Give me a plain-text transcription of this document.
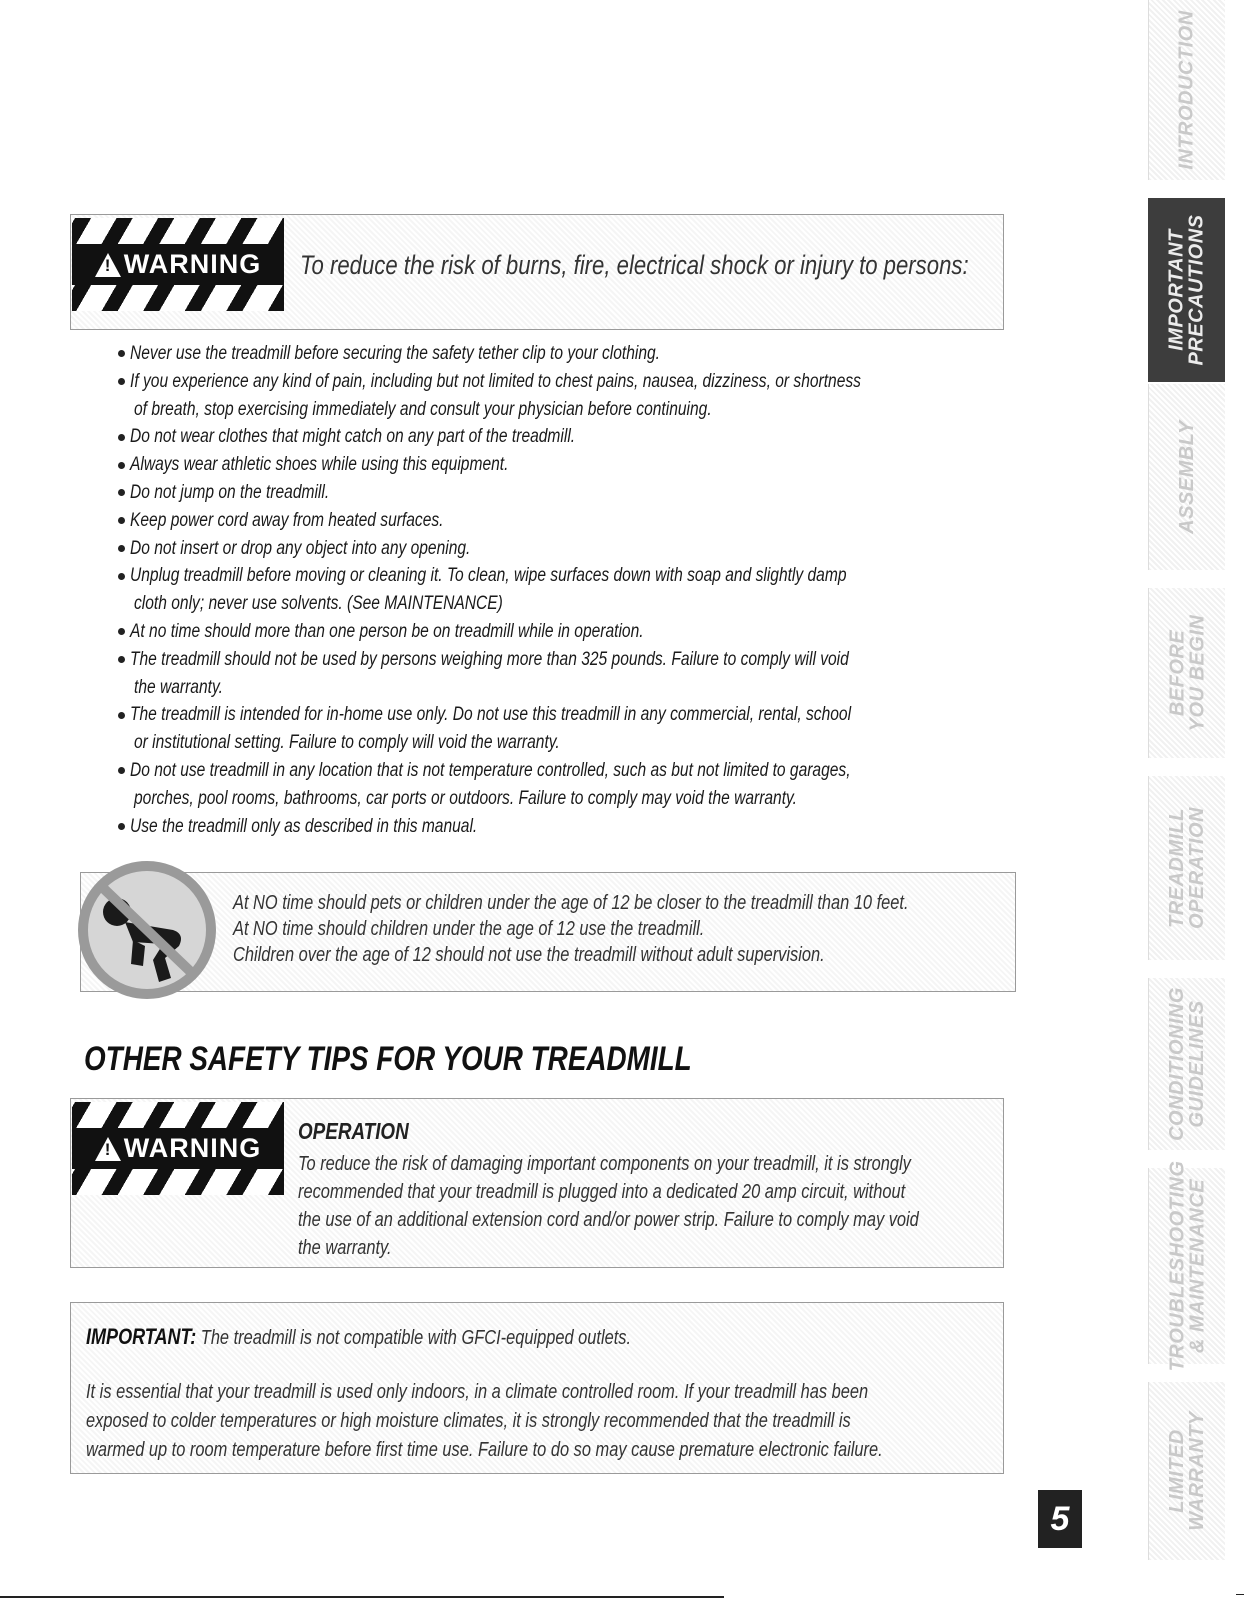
INTRODUCTION
IMPORTANT
PRECAUTIONS
ASSEMBLY
BEFORE
YOU BEGIN
TREADMILL
OPERATION
CONDITIONING
GUIDELINES
TROUBLESHOOTING
& MAINTENANCE
LIMITED
WARRANTY
!
WARNING To reduce the risk of burns, fire, electrical shock or injury to persons:
Never use the treadmill before securing the safety tether clip to your clothing.
If you experience any kind of pain, including but not limited to chest pains, nausea, dizziness, or shortness
of breath, stop exercising immediately and consult your physician before continuing.
Do not wear clothes that might catch on any part of the treadmill.
Always wear athletic shoes while using this equipment.
Do not jump on the treadmill.
Keep power cord away from heated surfaces.
Do not insert or drop any object into any opening.
Unplug treadmill before moving or cleaning it. To clean, wipe surfaces down with soap and slightly damp
cloth only; never use solvents. (See MAINTENANCE)
At no time should more than one person be on treadmill while in operation.
The treadmill should not be used by persons weighing more than 325 pounds. Failure to comply will void
the warranty.
The treadmill is intended for in-home use only. Do not use this treadmill in any commercial, rental, school
or institutional setting. Failure to comply will void the warranty.
Do not use treadmill in any location that is not temperature controlled, such as but not limited to garages,
porches, pool rooms, bathrooms, car ports or outdoors. Failure to comply may void the warranty.
Use the treadmill only as described in this manual.
At NO time should pets or children under the age of 12 be closer to the treadmill than 10 feet.
At NO time should children under the age of 12 use the treadmill.
Children over the age of 12 should not use the treadmill without adult supervision.
OTHER SAFETY TIPS FOR YOUR TREADMILL
!
WARNING
OPERATION
To reduce the risk of damaging important components on your treadmill, it is strongly
recommended that your treadmill is plugged into a dedicated 20 amp circuit, without
the use of an additional extension cord and/or power strip. Failure to comply may void
the warranty.
IMPORTANT: The treadmill is not compatible with GFCI-equipped outlets.
It is essential that your treadmill is used only indoors, in a climate controlled room. If your treadmill has been
exposed to colder temperatures or high moisture climates, it is strongly recommended that the treadmill is
warmed up to room temperature before first time use. Failure to do so may cause premature electronic failure.
5
